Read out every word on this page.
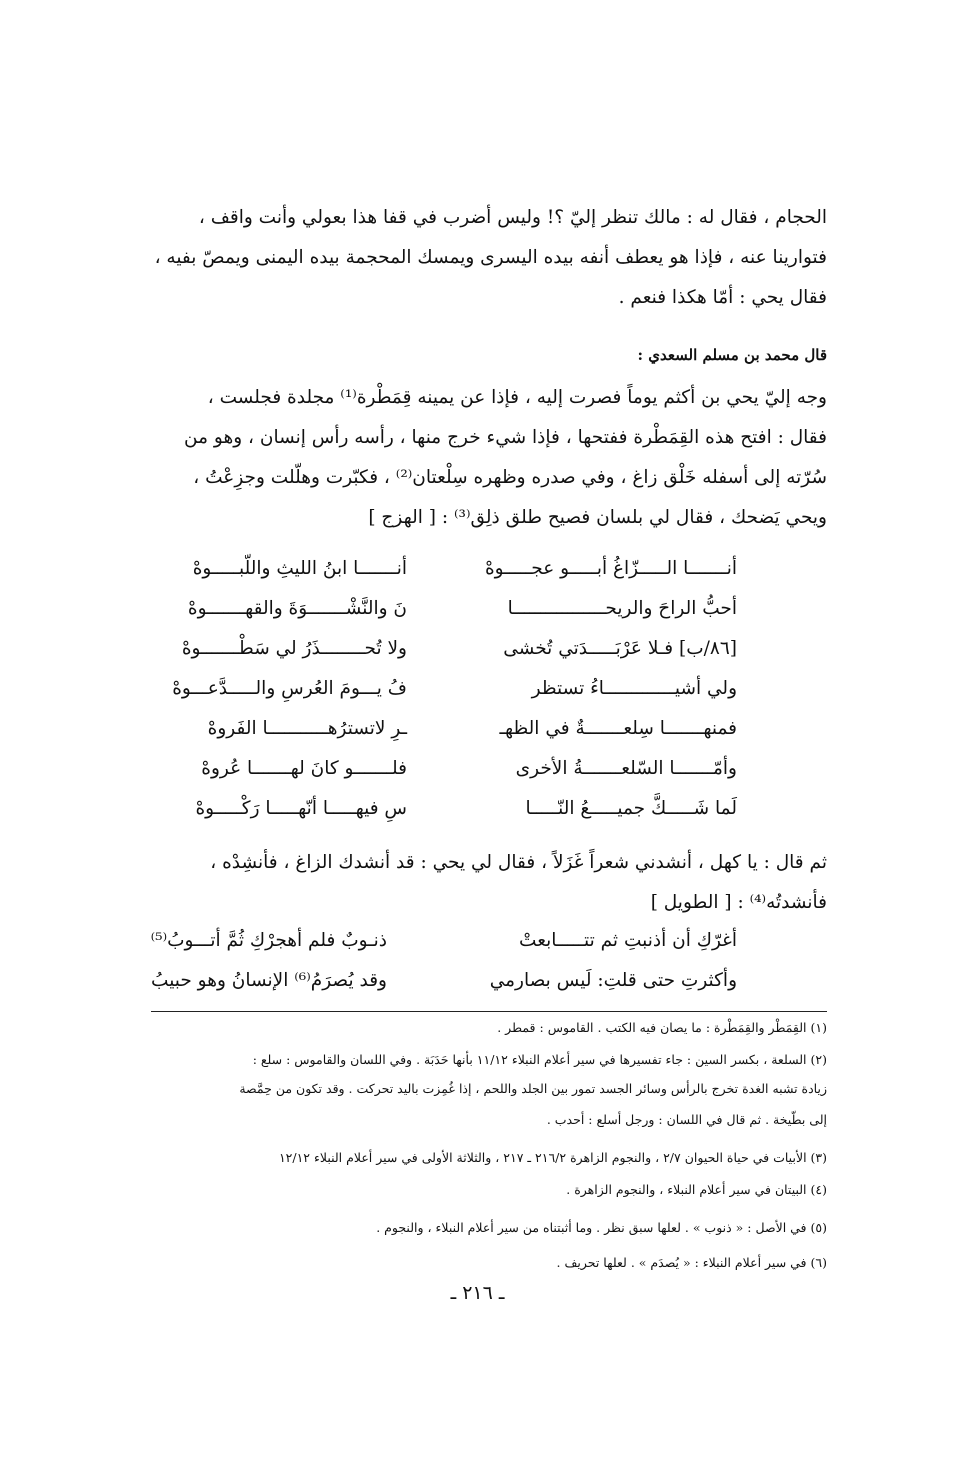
الحجام ، فقال له : مالك تنظر إليّ ؟! وليس أضرب في قفا هذا بعولي وأنت واقف ،
فتوارينا عنه ، فإذا هو يعطف أنفه بيده اليسرى ويمسك المحجمة بيده اليمنى ويمصّ بفيه ،
فقال يحي : أمّا هكذا فنعم .
قال محمد بن مسلم السعدي :
وجه إليّ يحي بن أكثم يوماً فصرت إليه ، فإذا عن يمينه قِمَطْرة⁽¹⁾ مجلدة فجلست ،
فقال : افتح هذه القِمَطْرة ففتحها ، فإذا شيء خرج منها ، رأسه رأس إنسان ، وهو من
سُرّته إلى أسفله خَلْق زاغ ، وفي صدره وظهره سِلْعتان⁽²⁾ ، فكبّرت وهلّلت وجزِعْتُ ،
ويحي يَضحك ، فقال لي بلسان فصيح طلق ذلِق⁽³⁾ : [ الهزج ]
أنـــــــا الـــــزّاغُ أبـــــو عجـــــوهْ
أنـــــــا ابنُ الليثِ واللّبـــــوهْ
أحبُّ الراحَ والريحـــــــــــــــــا
نَ والنَّشْـــــــوَةَ والقهـــــــوهْ
[٨٦/ب] فـلا عَرْبَـــــدَتي تُخشى
ولا تُحــــــــذَرُ لي سَطْـــــــوهْ
ولي أشيـــــــــــــاءُ تستظر
فُ يـــومَ العُرسِ والـــــدَّعـــوهْ
فمنهـــــــا سِلعـــــــةٌ في الظهـ
ـرِ لاتسترُهـــــــــــا الفَروهْ
وأمّـــــــا السّلعـــــــةُ الأخرى
فلـــــــو كانَ لهـــــــا عُروهْ
لَما شَـــــكَّ جميـــــعُ النّـــــا
سِ فيهـــــا أنّهـــــا رَكْـــــوهْ
ثم قال : يا كهل ، أنشدني شعراً غَزَلاً ، فقال لي يحي : قد أنشدك الزاغ ، فأنشِدْه ،
فأنشدتُه⁽⁴⁾ : [ الطويل ]
أغرّكِ أن أذنبتِ ثم تتـــــابعتْ
ذنـوبٌ فلم أهجرْكِ ثُمَّ أتـــوبُ⁽⁵⁾
وأكثرتِ حتى قلتِ: لَيس بصارمي
وقد يُصرَمُ⁽⁶⁾ الإنسانُ وهو حبيبُ
(١) القِمَطْر والقِمَطْرة : ما يصان فيه الكتب . القاموس : قمطر .
(٢) السلعة ، بكسر السين : جاء تفسيرها في سير أعلام النبلاء ١١/١٢ بأنها حَدَبَة . وفي اللسان والقاموس : سلع :
زيادة تشبه الغدة تخرج بالرأس وسائر الجسد تمور بين الجلد واللحم ، إذا غُمِزت باليد تحركت . وقد تكون من حِمَّصة
إلى بطّيخة . ثم قال في اللسان : ورجل أسلع : أحدب .
(٣) الأبيات في حياة الحيوان ٢/٧ ، والنجوم الزاهرة ٢١٦/٢ ـ ٢١٧ ، والثلاثة الأولى في سير أعلام النبلاء ١٢/١٢
(٤) البيتان في سير أعلام النبلاء ، والنجوم الزاهرة .
(٥) في الأصل : « ذنوب » . لعلها سبق نظر . وما أثبتناه من سير أعلام النبلاء ، والنجوم .
(٦) في سير أعلام النبلاء : « يُصدَم » . لعلها تحريف .
ـ ٢١٦ ـ
